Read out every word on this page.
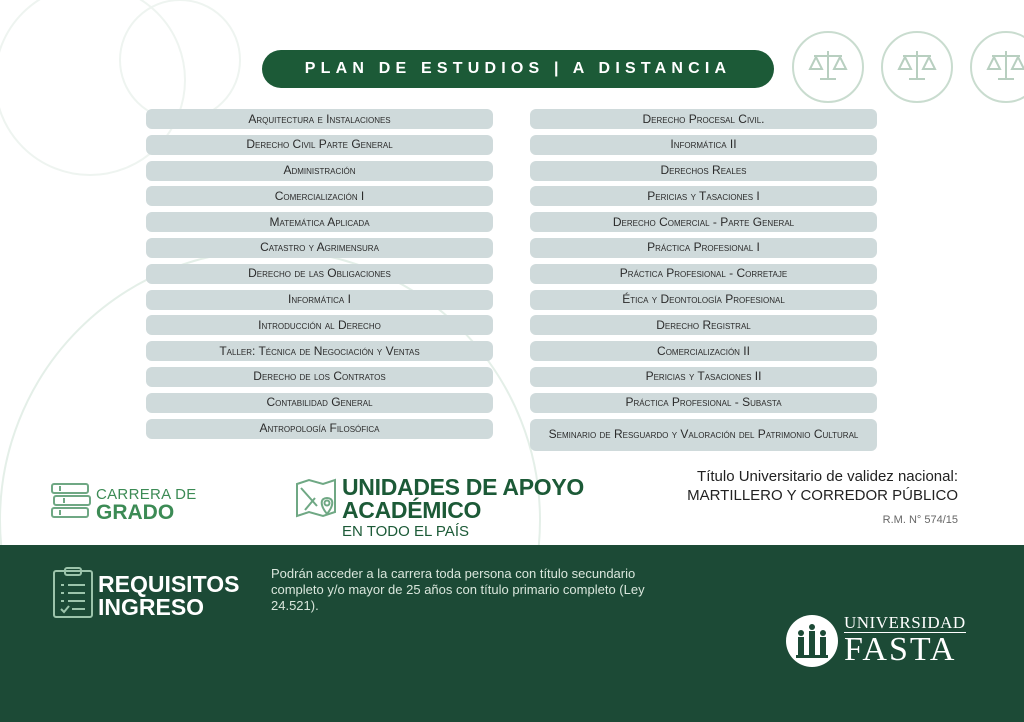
PLAN DE ESTUDIOS | A DISTANCIA
Arquitectura e Instalaciones
Derecho Civil Parte General
Administración
Comercialización I
Matemática Aplicada
Catastro y Agrimensura
Derecho de las Obligaciones
Informática I
Introducción al Derecho
Taller: Técnica de Negociación y Ventas
Derecho de los Contratos
Contabilidad General
Antropología Filosófica
Derecho Procesal Civil.
Informática II
Derechos Reales
Pericias y Tasaciones I
Derecho Comercial - Parte General
Práctica Profesional I
Práctica Profesional - Corretaje
Ética y Deontología Profesional
Derecho Registral
Comercialización II
Pericias y Tasaciones II
Práctica Profesional - Subasta
Seminario de Resguardo y Valoración del Patrimonio Cultural
CARRERA DE
GRADO
UNIDADES DE APOYO
ACADÉMICO
EN TODO EL PAÍS
Título Universitario de validez nacional:
MARTILLERO Y CORREDOR PÚBLICO
R.M. N° 574/15
REQUISITOS
INGRESO
Podrán acceder a la carrera toda persona con título secundario completo y/o mayor de 25 años con título primario completo (Ley 24.521).
UNIVERSIDAD
FASTA
